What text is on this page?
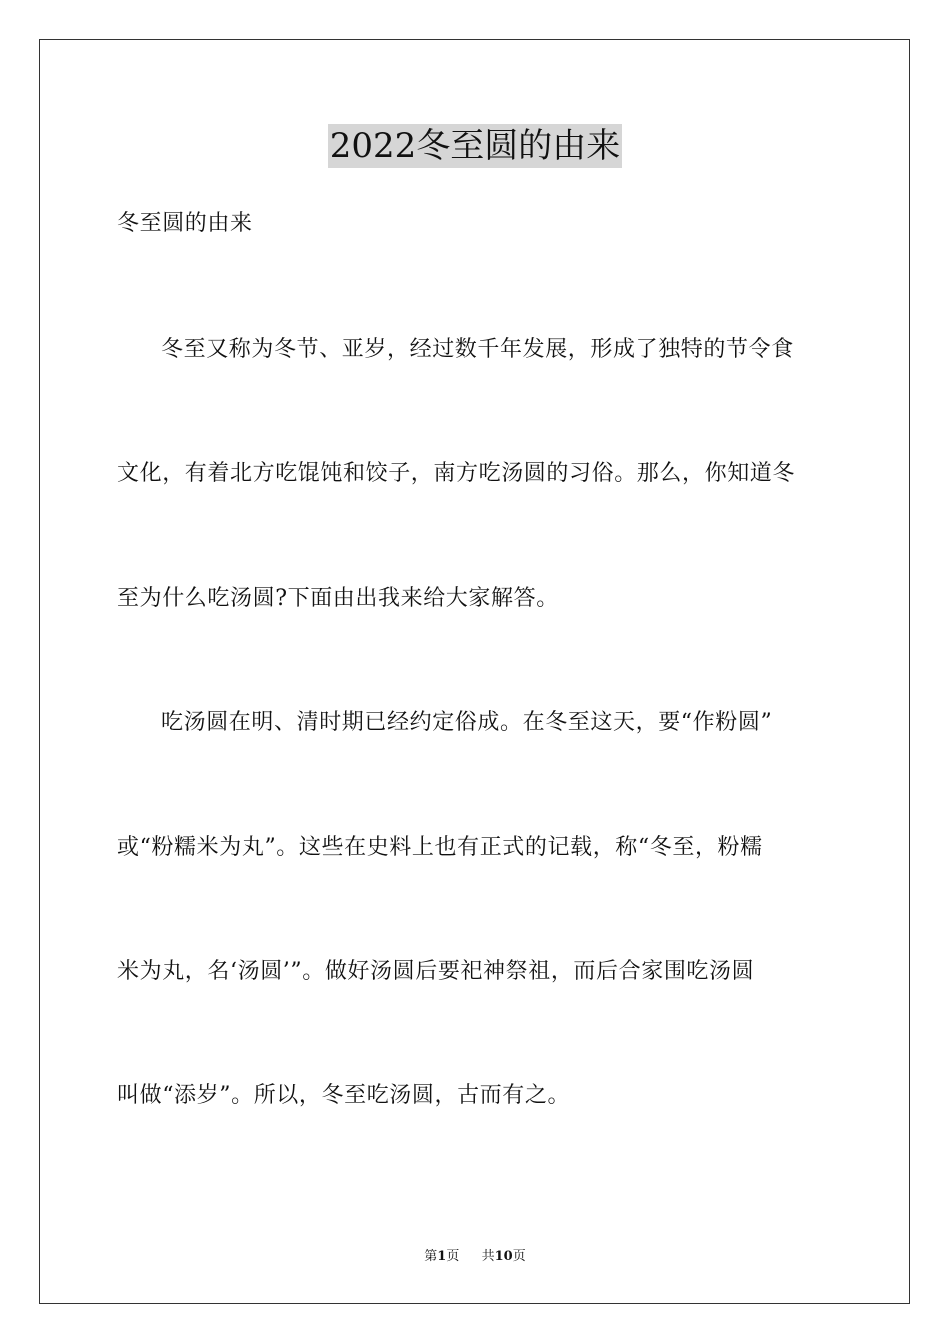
2022冬至圆的由来
冬至圆的由来
冬至又称为冬节、亚岁，经过数千年发展，形成了独特的节令食
文化，有着北方吃馄饨和饺子，南方吃汤圆的习俗。那么，你知道冬
至为什么吃汤圆?下面由出我来给大家解答。
吃汤圆在明、清时期已经约定俗成。在冬至这天，要“作粉圆”
或“粉糯米为丸”。这些在史料上也有正式的记载，称“冬至，粉糯
米为丸，名‘汤圆’”。做好汤圆后要祀神祭祖，而后合家围吃汤圆
叫做“添岁”。所以，冬至吃汤圆，古而有之。
第1页 共10页
